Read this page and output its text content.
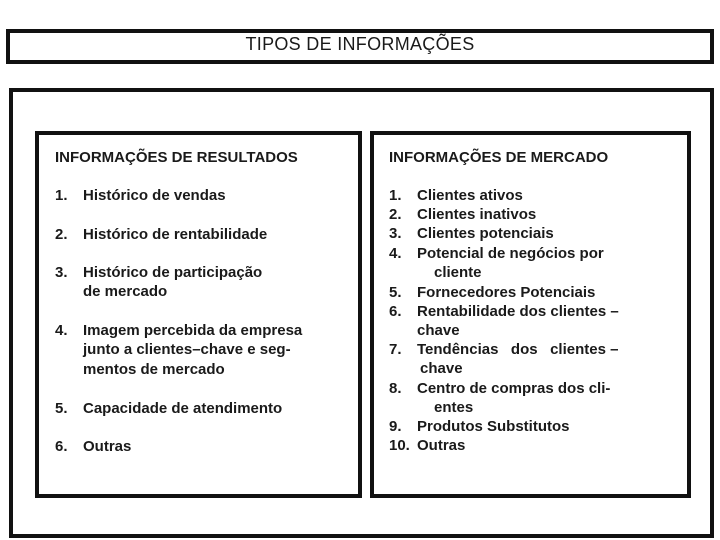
TIPOS DE INFORMAÇÕES
INFORMAÇÕES DE RESULTADOS
1.	Histórico de vendas
2.	Histórico de rentabilidade
3.	Histórico de participação
de mercado
4.	Imagem percebida da empresa
junto a clientes–chave e seg-
mentos de mercado
5.	Capacidade de atendimento
6.	Outras
INFORMAÇÕES DE MERCADO
1.	Clientes ativos
2.	Clientes inativos
3.	Clientes potenciais
4.	Potencial de negócios por
cliente
5.	Fornecedores Potenciais
6.	Rentabilidade dos clientes –
chave
7.	Tendências   dos   clientes –
chave
8.	Centro de compras dos cli-
entes
9.	Produtos Substitutos
10. Outras
